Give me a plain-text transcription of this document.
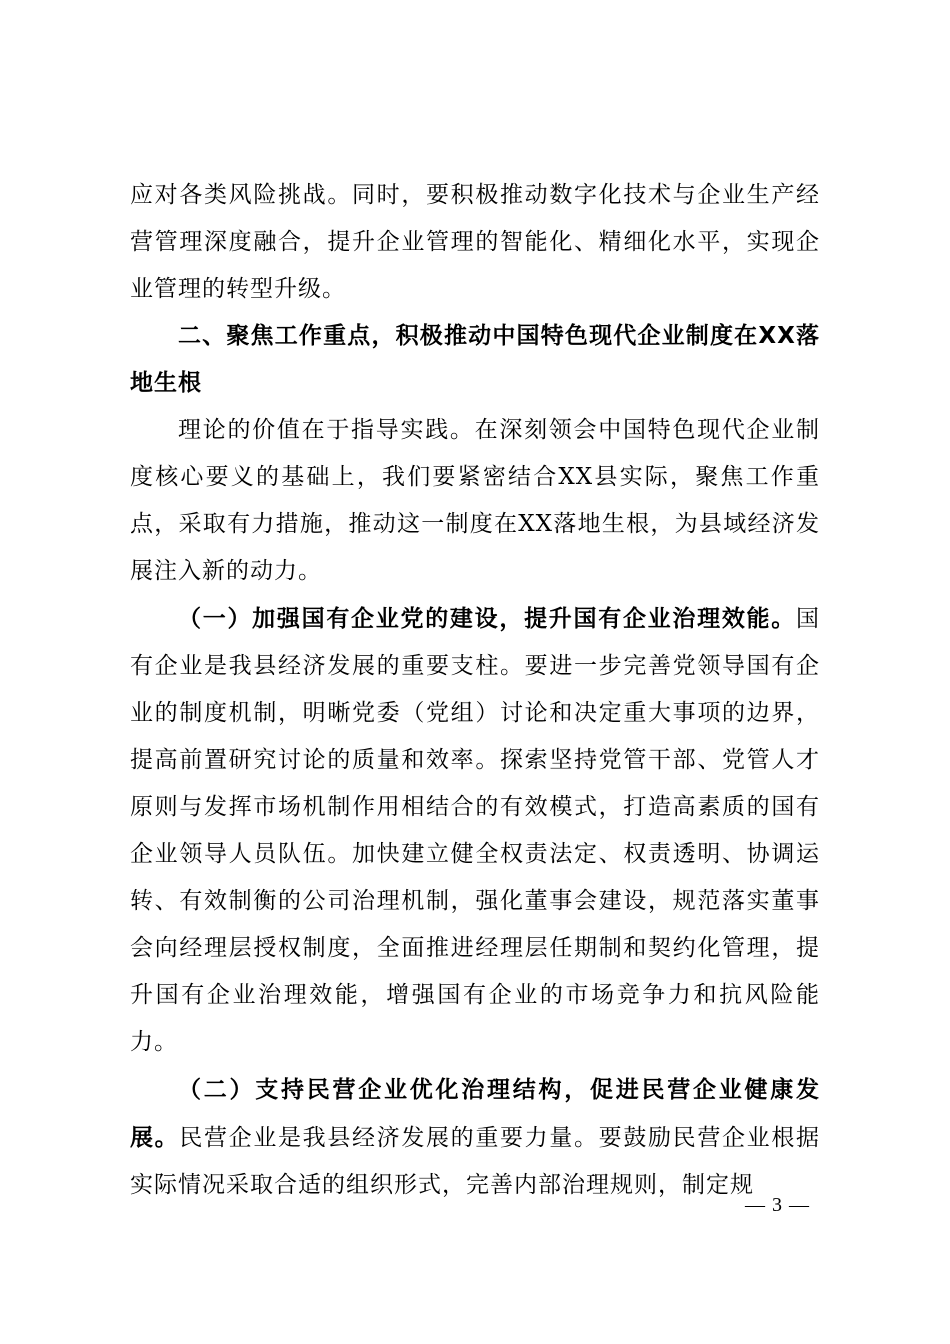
应对各类风险挑战。同时，要积极推动数字化技术与企业生产经营管理深度融合，提升企业管理的智能化、精细化水平，实现企业管理的转型升级。

二、聚焦工作重点，积极推动中国特色现代企业制度在XX落地生根

理论的价值在于指导实践。在深刻领会中国特色现代企业制度核心要义的基础上，我们要紧密结合XX县实际，聚焦工作重点，采取有力措施，推动这一制度在XX落地生根，为县域经济发展注入新的动力。

（一）加强国有企业党的建设，提升国有企业治理效能。国有企业是我县经济发展的重要支柱。要进一步完善党领导国有企业的制度机制，明晰党委（党组）讨论和决定重大事项的边界，提高前置研究讨论的质量和效率。探索坚持党管干部、党管人才原则与发挥市场机制作用相结合的有效模式，打造高素质的国有企业领导人员队伍。加快建立健全权责法定、权责透明、协调运转、有效制衡的公司治理机制，强化董事会建设，规范落实董事会向经理层授权制度，全面推进经理层任期制和契约化管理，提升国有企业治理效能，增强国有企业的市场竞争力和抗风险能力。

（二）支持民营企业优化治理结构，促进民营企业健康发展。民营企业是我县经济发展的重要力量。要鼓励民营企业根据实际情况采取合适的组织形式，完善内部治理规则，制定规

— 3 —
